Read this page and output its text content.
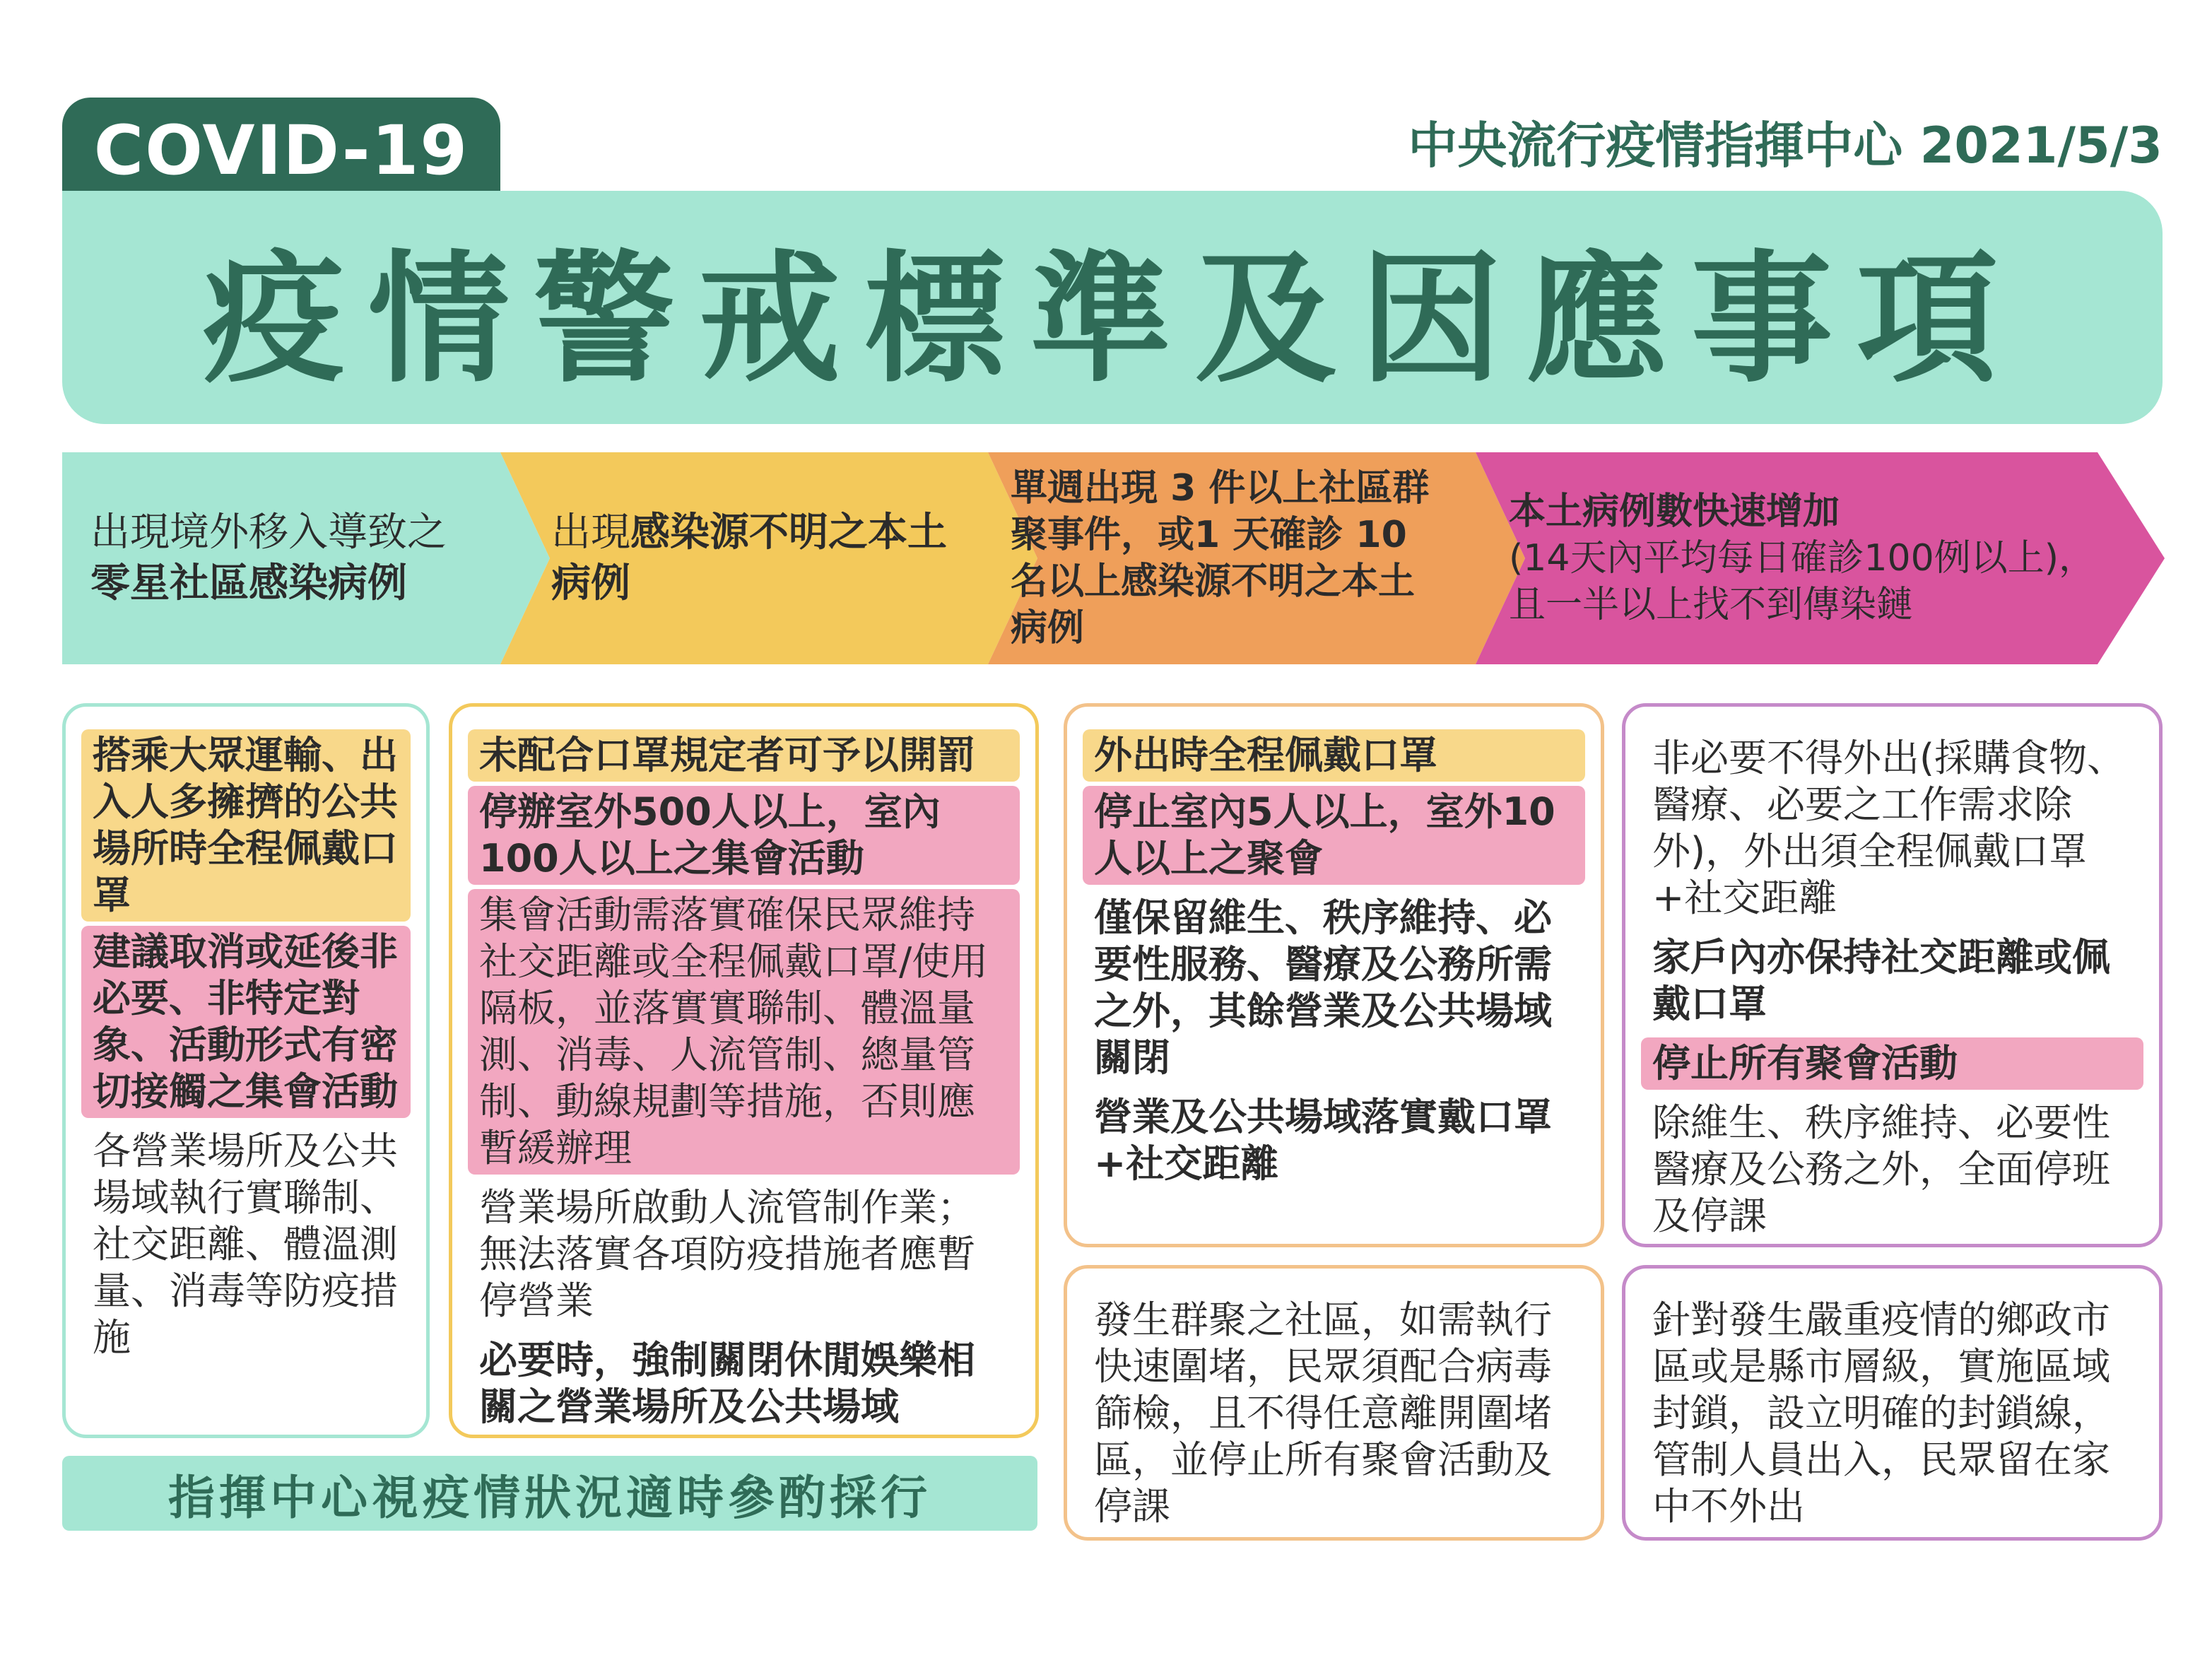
COVID-19	中央流行疫情指揮中心 2021/5/3
疫情警戒標準及因應事項
出現境外移入導致之
零星社區感染病例
出現感染源不明之本土病例
單週出現 3 件以上社區群聚事件，或1 天確診 10 名以上感染源不明之本土病例
本土病例數快速增加
(14天內平均每日確診100例以上)，且一半以上找不到傳染鏈
搭乘大眾運輸、出入人多擁擠的公共場所時全程佩戴口罩
建議取消或延後非必要、非特定對象、活動形式有密切接觸之集會活動
各營業場所及公共場域執行實聯制、社交距離、體溫測量、消毒等防疫措施
未配合口罩規定者可予以開罰
停辦室外500人以上，室內100人以上之集會活動
集會活動需落實確保民眾維持社交距離或全程佩戴口罩/使用隔板，並落實實聯制、體溫量測、消毒、人流管制、總量管制、動線規劃等措施，否則應暫緩辦理
營業場所啟動人流管制作業；無法落實各項防疫措施者應暫停營業
必要時，強制關閉休閒娛樂相關之營業場所及公共場域
外出時全程佩戴口罩
停止室內5人以上，室外10人以上之聚會
僅保留維生、秩序維持、必要性服務、醫療及公務所需之外，其餘營業及公共場域關閉
營業及公共場域落實戴口罩+社交距離
發生群聚之社區，如需執行快速圍堵，民眾須配合病毒篩檢，且不得任意離開圍堵區，並停止所有聚會活動及停課
非必要不得外出(採購食物、醫療、必要之工作需求除外)，外出須全程佩戴口罩+社交距離
家戶內亦保持社交距離或佩戴口罩
停止所有聚會活動
除維生、秩序維持、必要性醫療及公務之外，全面停班及停課
針對發生嚴重疫情的鄉政市區或是縣市層級，實施區域封鎖，設立明確的封鎖線，管制人員出入，民眾留在家中不外出
指揮中心視疫情狀況適時參酌採行
